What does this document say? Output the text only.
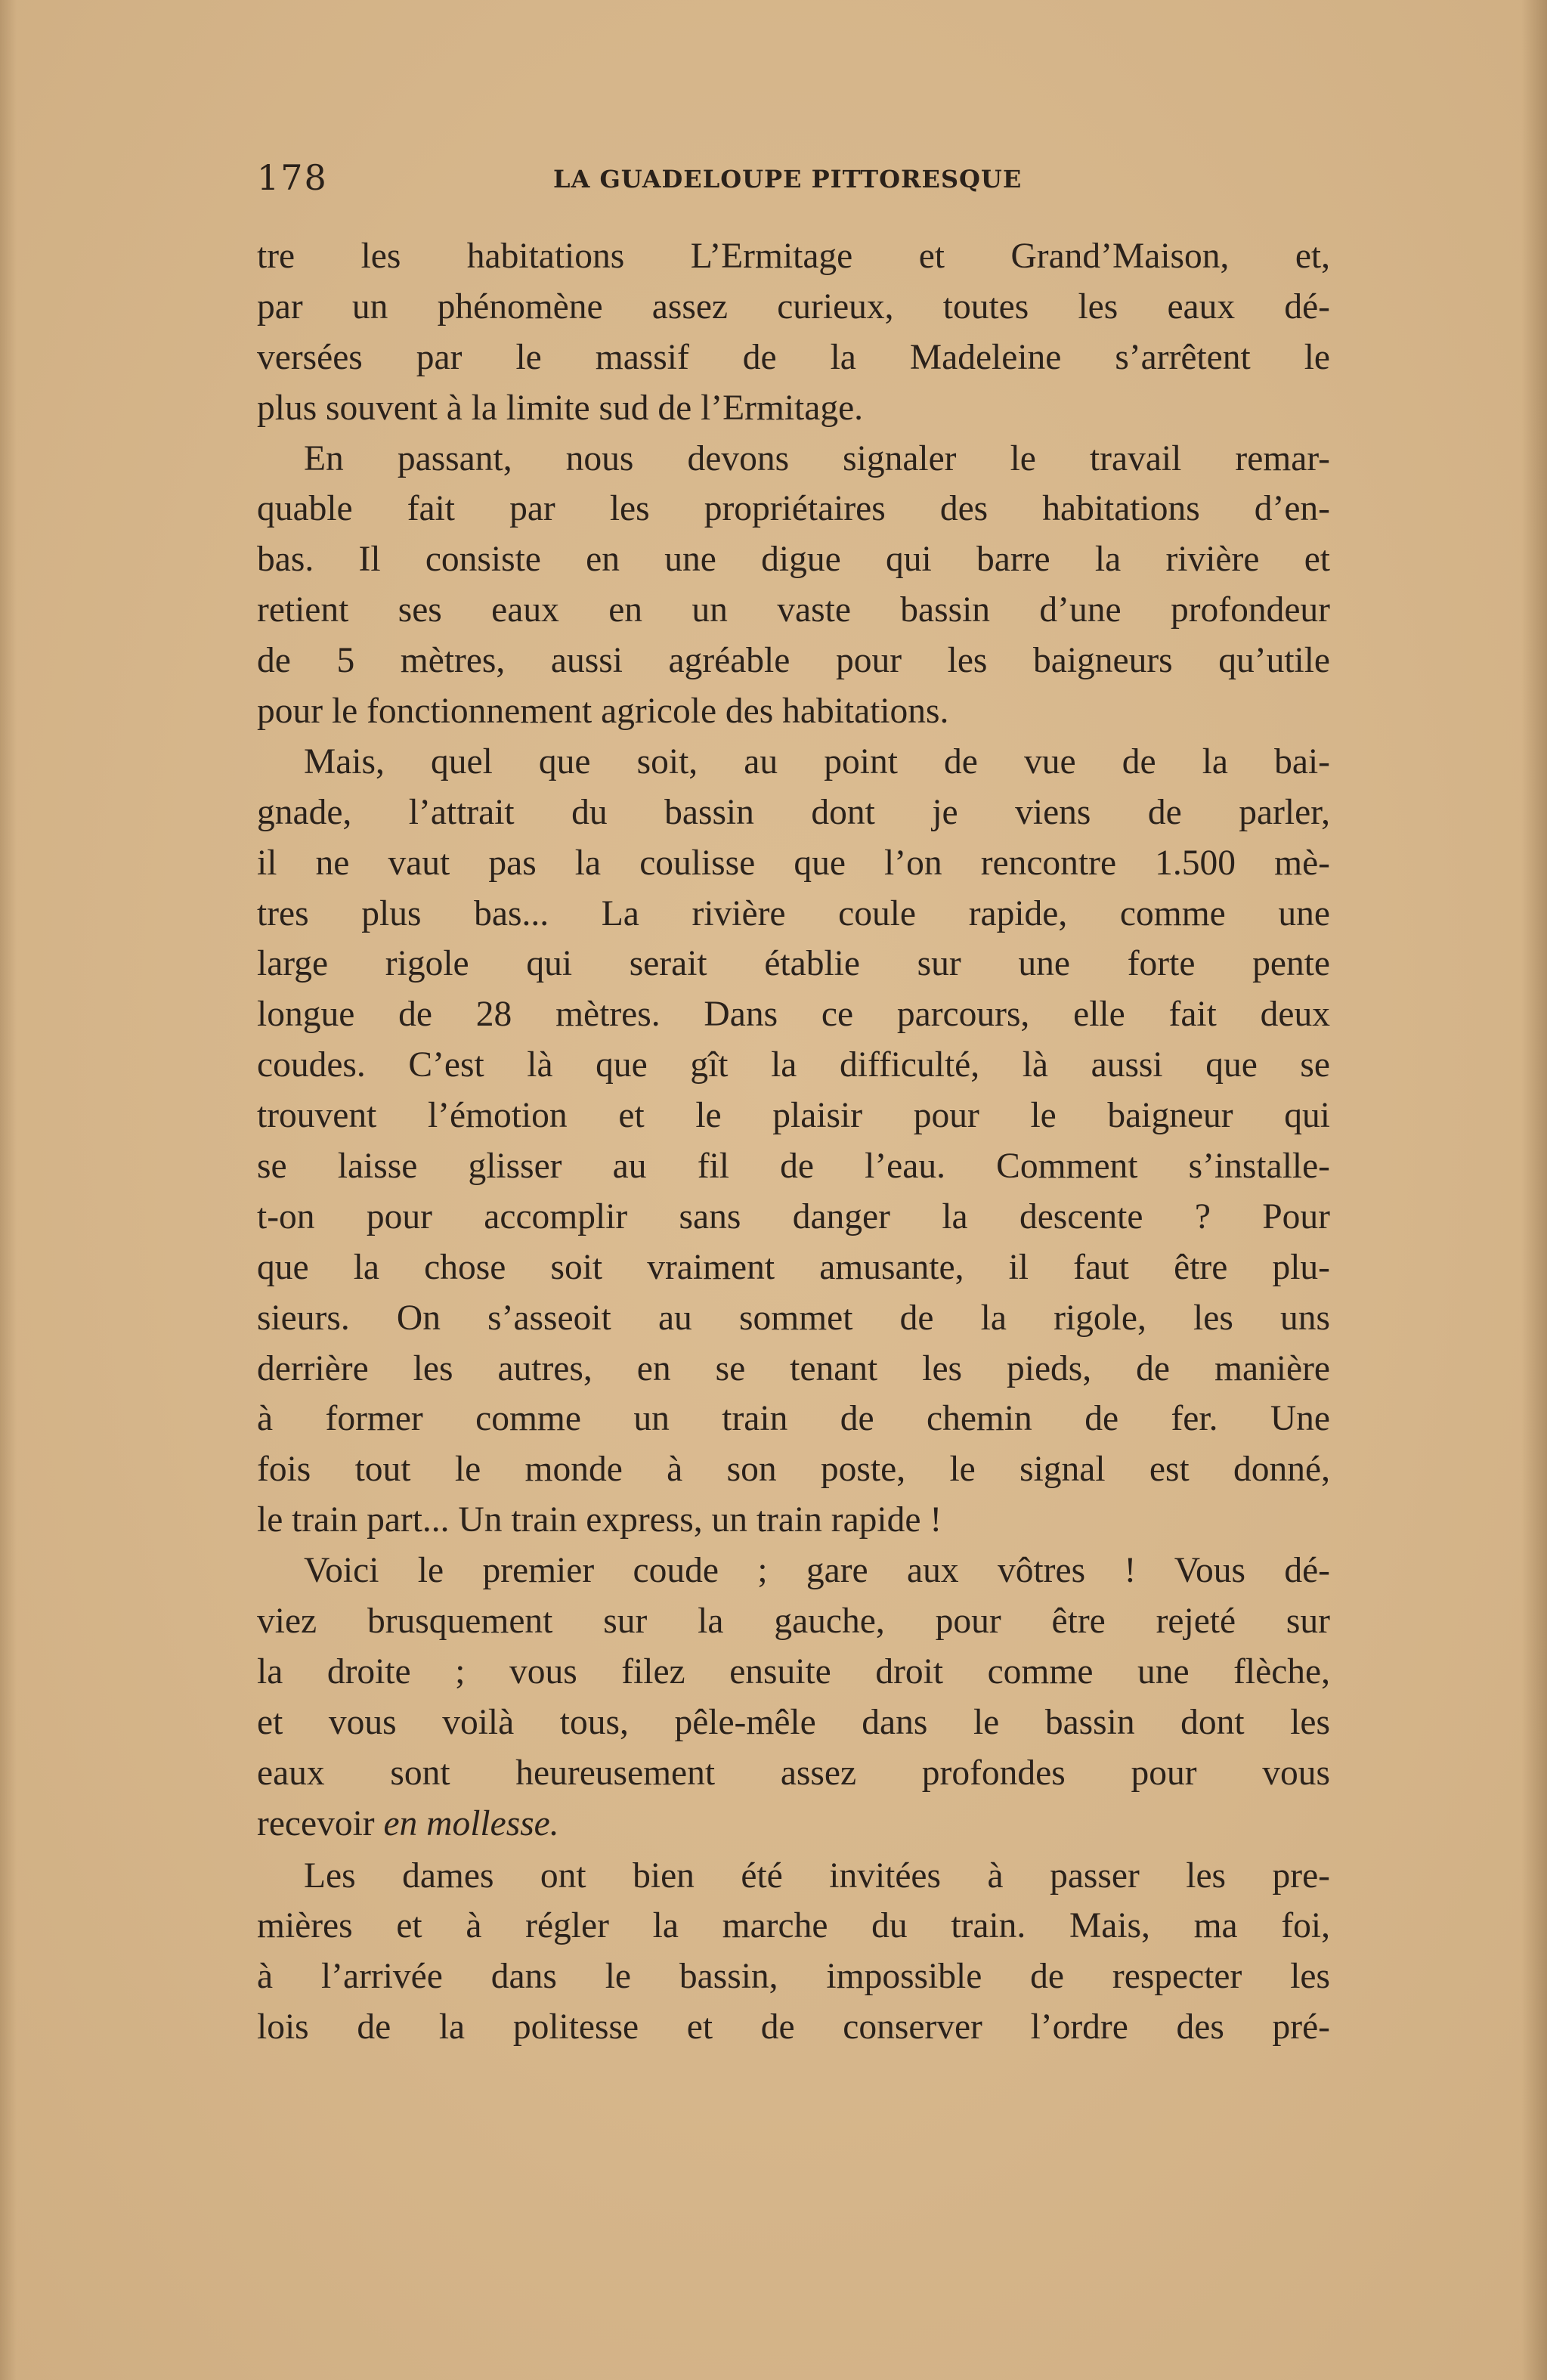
178	LA GUADELOUPE PITTORESQUE
tre les habitations L’Ermitage et Grand’Maison, et,
par un phénomène assez curieux, toutes les eaux dé-
versées par le massif de la Madeleine s’arrêtent le
plus souvent à la limite sud de l’Ermitage.
En passant, nous devons signaler le travail remar-
quable fait par les propriétaires des habitations d’en-
bas. Il consiste en une digue qui barre la rivière et
retient ses eaux en un vaste bassin d’une profondeur
de 5 mètres, aussi agréable pour les baigneurs qu’utile
pour le fonctionnement agricole des habitations.
Mais, quel que soit, au point de vue de la bai-
gnade, l’attrait du bassin dont je viens de parler,
il ne vaut pas la coulisse que l’on rencontre 1.500 mè-
tres plus bas... La rivière coule rapide, comme une
large rigole qui serait établie sur une forte pente
longue de 28 mètres. Dans ce parcours, elle fait deux
coudes. C’est là que gît la difficulté, là aussi que se
trouvent l’émotion et le plaisir pour le baigneur qui
se laisse glisser au fil de l’eau. Comment s’installe-
t-on pour accomplir sans danger la descente ? Pour
que la chose soit vraiment amusante, il faut être plu-
sieurs. On s’asseoit au sommet de la rigole, les uns
derrière les autres, en se tenant les pieds, de manière
à former comme un train de chemin de fer. Une
fois tout le monde à son poste, le signal est donné,
le train part... Un train express, un train rapide !
Voici le premier coude ; gare aux vôtres ! Vous dé-
viez brusquement sur la gauche, pour être rejeté sur
la droite ; vous filez ensuite droit comme une flèche,
et vous voilà tous, pêle-mêle dans le bassin dont les
eaux sont heureusement assez profondes pour vous
recevoir en mollesse.
Les dames ont bien été invitées à passer les pre-
mières et à régler la marche du train. Mais, ma foi,
à l’arrivée dans le bassin, impossible de respecter les
lois de la politesse et de conserver l’ordre des pré-
